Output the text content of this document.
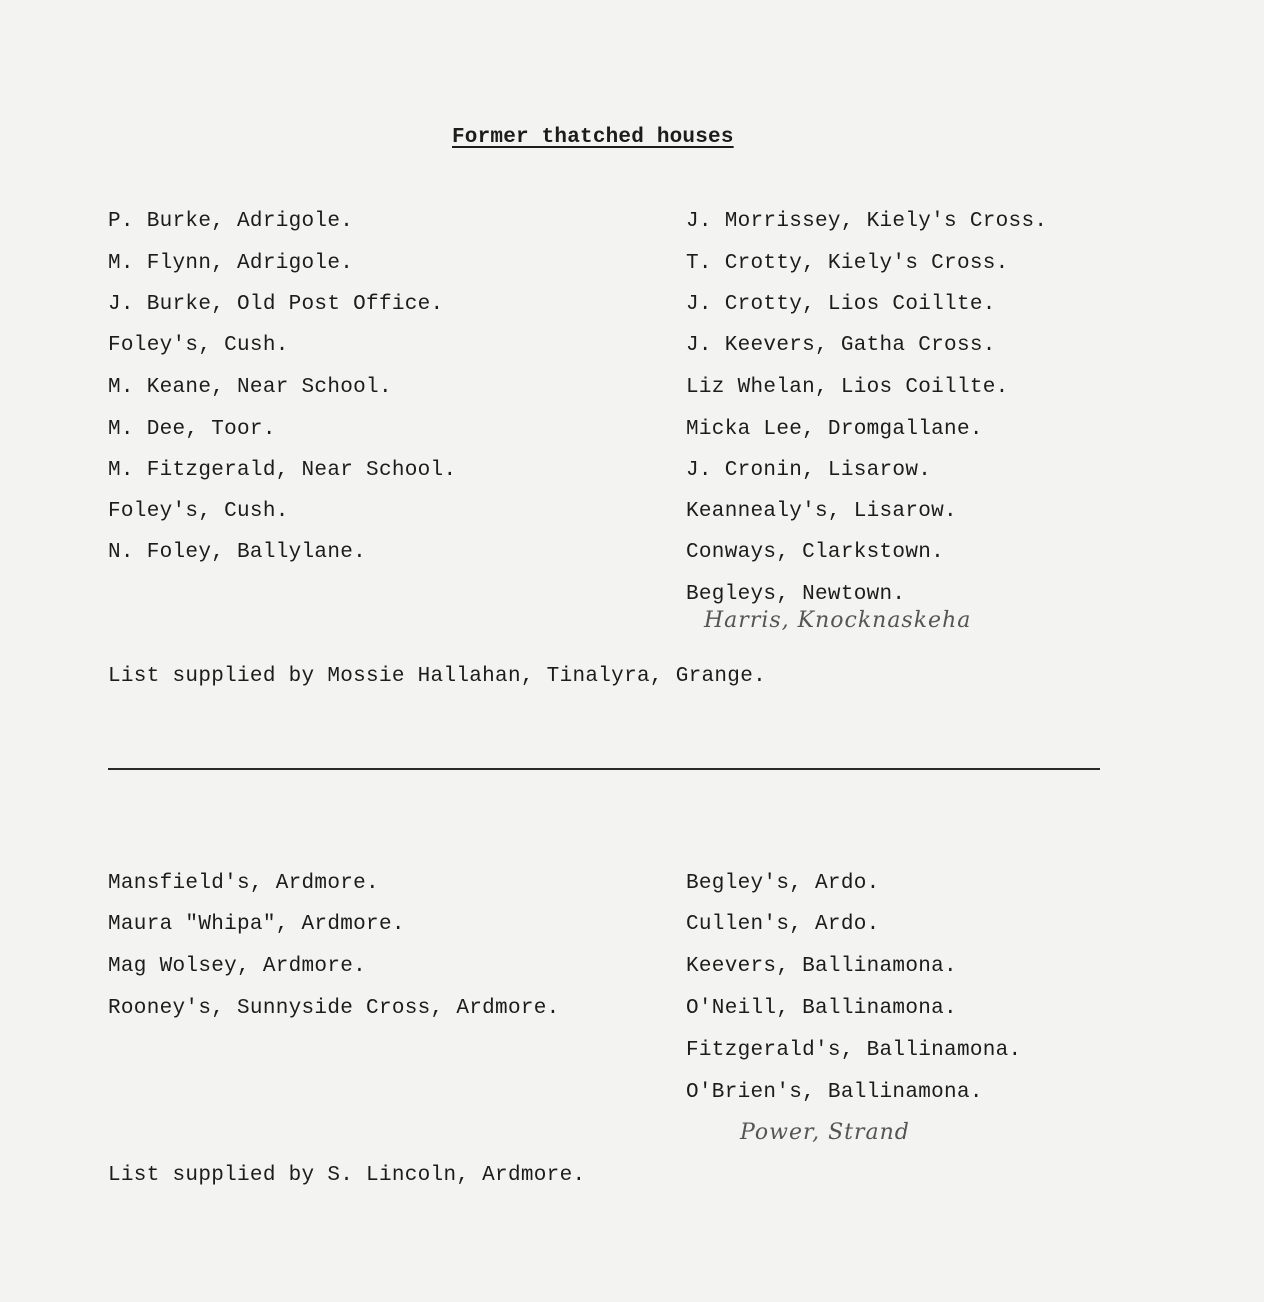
Former thatched houses
P. Burke, Adrigole.
M. Flynn, Adrigole.
J. Burke, Old Post Office.
Foley's, Cush.
M. Keane, Near School.
M. Dee, Toor.
M. Fitzgerald, Near School.
Foley's, Cush.
N. Foley, Ballylane.
J. Morrissey, Kiely's Cross.
T. Crotty, Kiely's Cross.
J. Crotty, Lios Coillte.
J. Keevers, Gatha Cross.
Liz Whelan, Lios Coillte.
Micka Lee, Dromgallane.
J. Cronin, Lisarow.
Keannealy's, Lisarow.
Conways, Clarkstown.
Begleys, Newtown.
Harris, Knocknaskeha
List supplied by Mossie Hallahan, Tinalyra, Grange.
Mansfield's, Ardmore.
Maura "Whipa", Ardmore.
Mag Wolsey, Ardmore.
Rooney's, Sunnyside Cross, Ardmore.
Begley's, Ardo.
Cullen's, Ardo.
Keevers, Ballinamona.
O'Neill, Ballinamona.
Fitzgerald's, Ballinamona.
O'Brien's, Ballinamona.
Power, Strand
List supplied by S. Lincoln, Ardmore.
